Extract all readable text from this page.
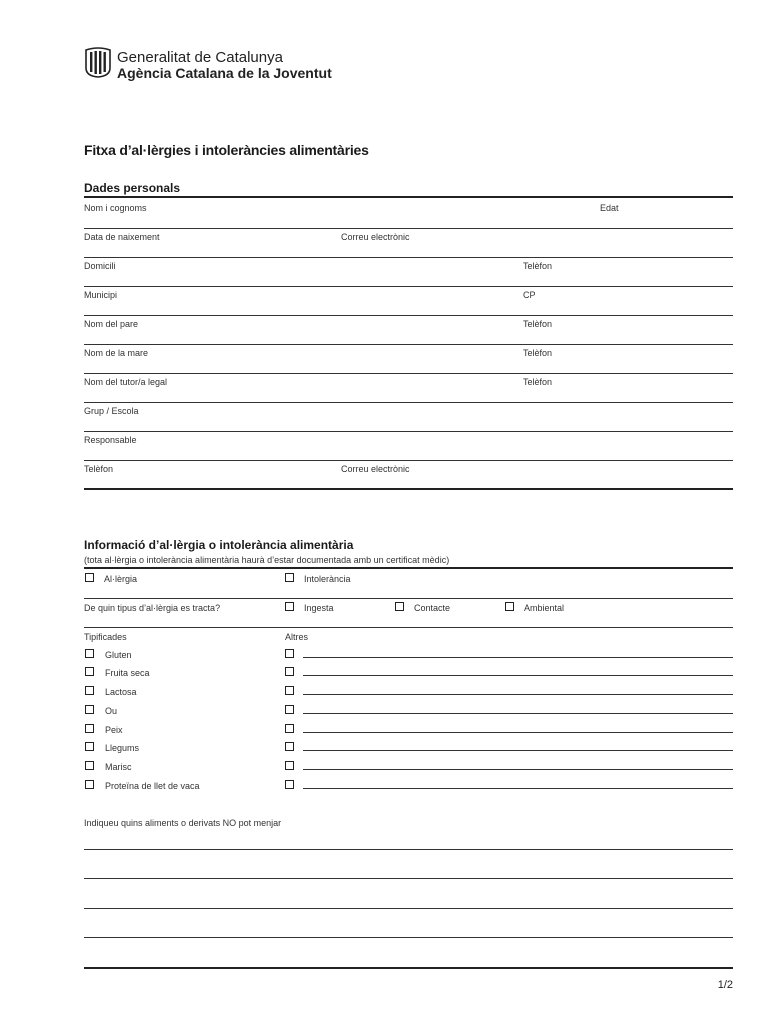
Generalitat de Catalunya
Agència Catalana de la Joventut
Fitxa d’al·lèrgies i intoleràncies alimentàries
Dades personals
Nom i cognoms	Edat
Data de naixement	Correu electrònic
Domicili	Telèfon
Municipi	CP
Nom del pare	Telèfon
Nom de la mare	Telèfon
Nom del tutor/a legal	Telèfon
Grup / Escola
Responsable
Telèfon	Correu electrònic
Informació d’al·lèrgia o intolerància alimentària
(tota al·lèrgia o intolerància alimentària haurà d’estar documentada amb un certificat mèdic)
Al·lèrgia	Intolerància
De quin tipus d’al·lèrgia es tracta?	Ingesta	Contacte	Ambiental
Tipificades	Altres
Gluten
Fruita seca
Lactosa
Ou
Peix
Llegums
Marisc
Proteïna de llet de vaca
Indiqueu quins aliments o derivats NO pot menjar
1/2
